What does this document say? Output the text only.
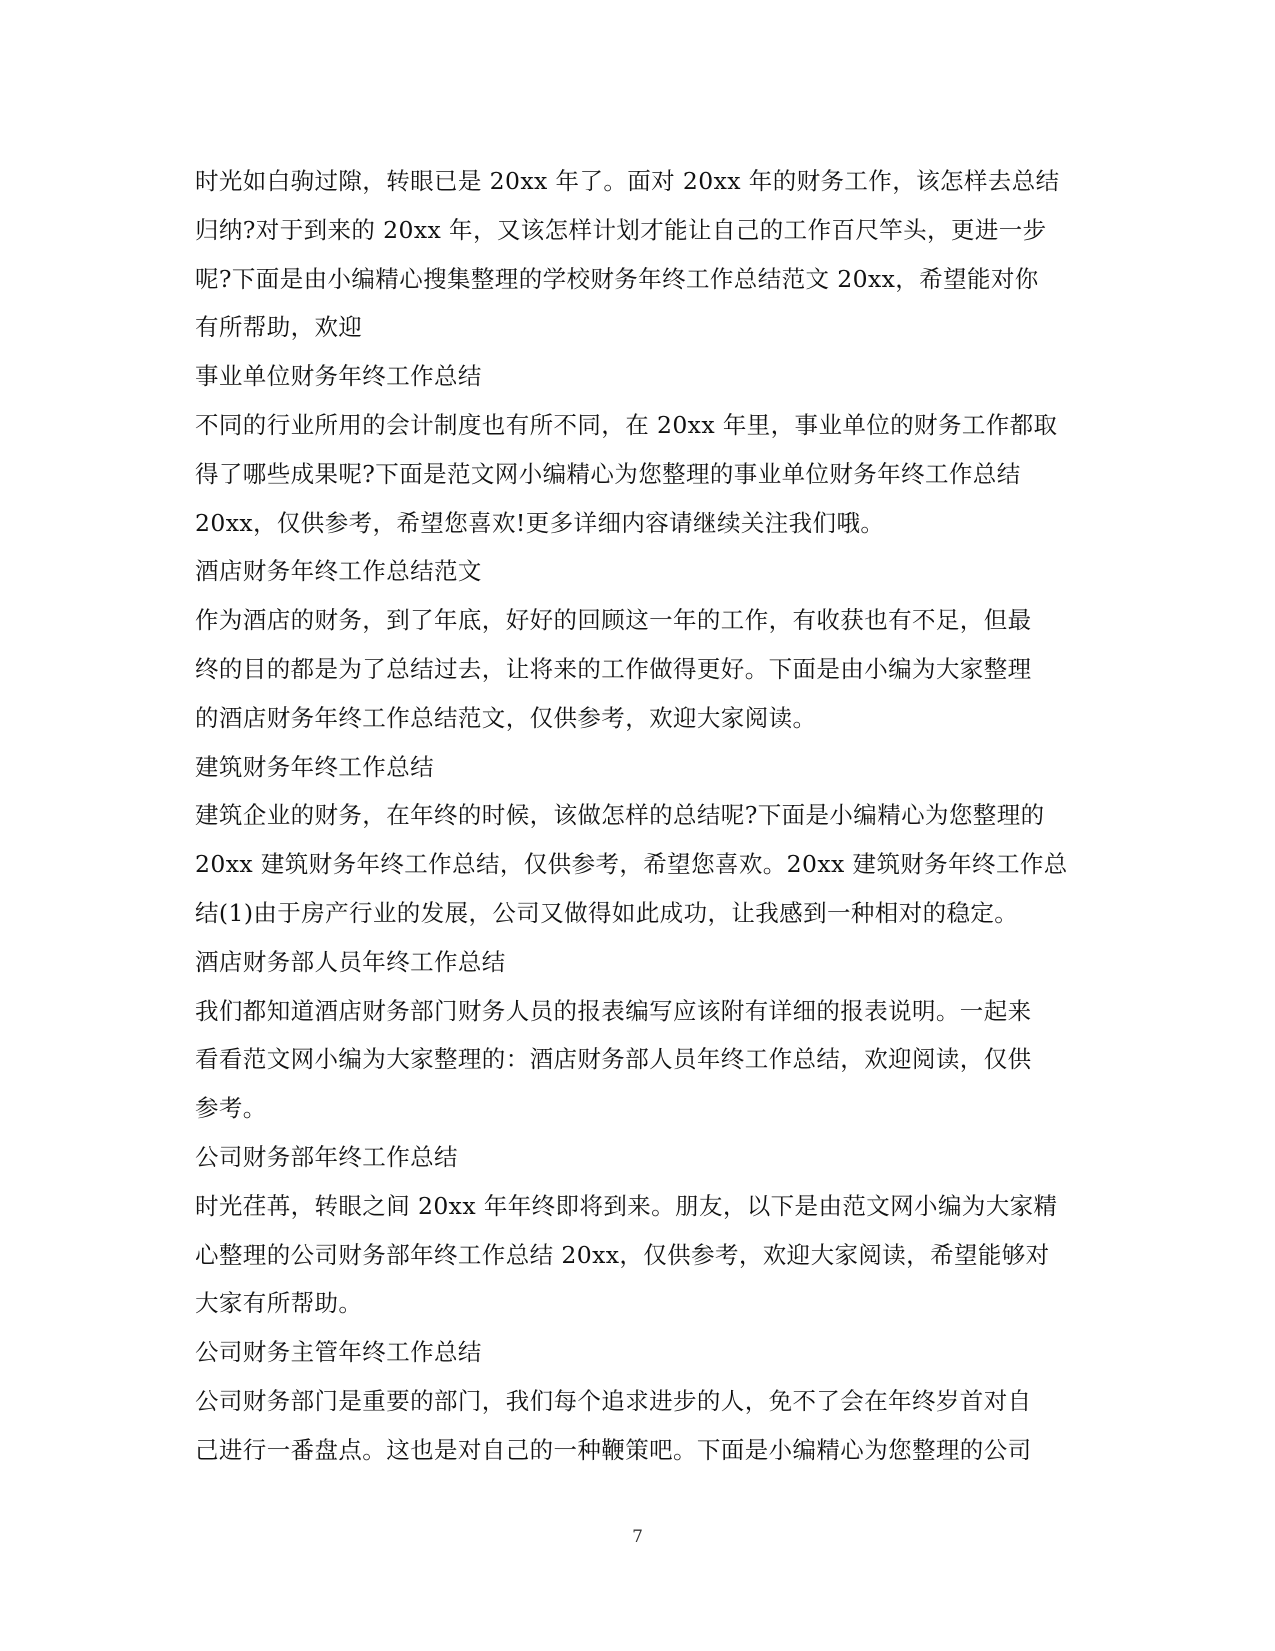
时光如白驹过隙，转眼已是 20xx 年了。面对 20xx 年的财务工作，该怎样去总结
归纳?对于到来的 20xx 年，又该怎样计划才能让自己的工作百尺竿头，更进一步
呢?下面是由小编精心搜集整理的学校财务年终工作总结范文 20xx，希望能对你
有所帮助，欢迎
事业单位财务年终工作总结
不同的行业所用的会计制度也有所不同，在 20xx 年里，事业单位的财务工作都取
得了哪些成果呢?下面是范文网小编精心为您整理的事业单位财务年终工作总结
20xx，仅供参考，希望您喜欢!更多详细内容请继续关注我们哦。
酒店财务年终工作总结范文
作为酒店的财务，到了年底，好好的回顾这一年的工作，有收获也有不足，但最
终的目的都是为了总结过去，让将来的工作做得更好。下面是由小编为大家整理
的酒店财务年终工作总结范文，仅供参考，欢迎大家阅读。
建筑财务年终工作总结
建筑企业的财务，在年终的时候，该做怎样的总结呢?下面是小编精心为您整理的
20xx 建筑财务年终工作总结，仅供参考，希望您喜欢。20xx 建筑财务年终工作总
结(1)由于房产行业的发展，公司又做得如此成功，让我感到一种相对的稳定。
酒店财务部人员年终工作总结
我们都知道酒店财务部门财务人员的报表编写应该附有详细的报表说明。一起来
看看范文网小编为大家整理的：酒店财务部人员年终工作总结，欢迎阅读，仅供
参考。
公司财务部年终工作总结
时光荏苒，转眼之间 20xx 年年终即将到来。朋友，以下是由范文网小编为大家精
心整理的公司财务部年终工作总结 20xx，仅供参考，欢迎大家阅读，希望能够对
大家有所帮助。
公司财务主管年终工作总结
公司财务部门是重要的部门，我们每个追求进步的人，免不了会在年终岁首对自
己进行一番盘点。这也是对自己的一种鞭策吧。下面是小编精心为您整理的公司
7
